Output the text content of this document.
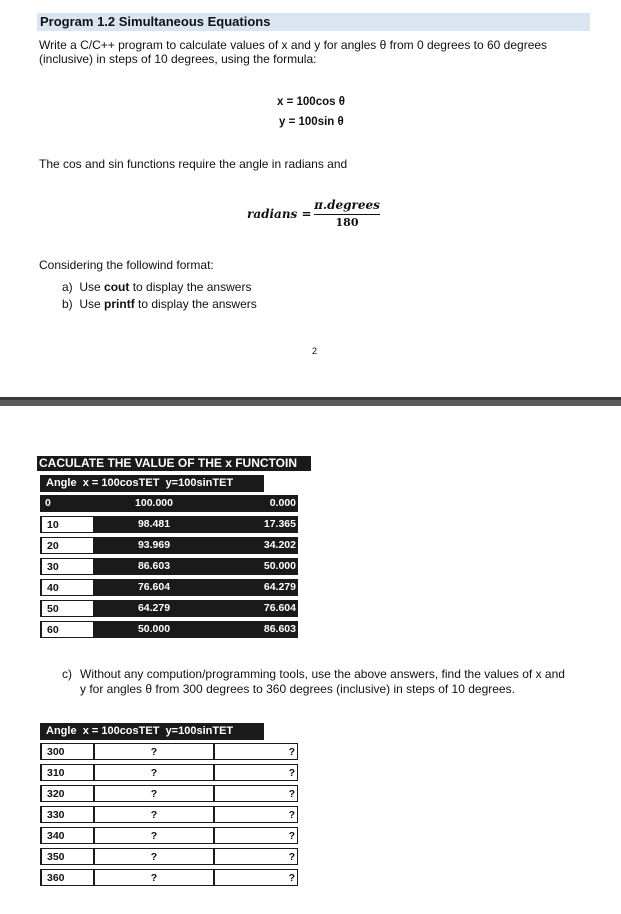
Program 1.2 Simultaneous Equations
Write a C/C++ program to calculate values of x and y for angles θ from 0 degrees to 60 degrees
(inclusive) in steps of 10 degrees, using the formula:
x = 100cos θ
y = 100sin θ
The cos and sin functions require the angle in radians and
radians =
π.degrees
180
Considering the followind format:
a) Use cout to display the answers
b) Use printf to display the answers
2
CACULATE THE VALUE OF THE x FUNCTOIN
Angle x = 100cosTET y=100sinTET
0	100.000	0.000
10	98.481	17.365
20	93.969	34.202
30	86.603	50.000
40	76.604	64.279
50	64.279	76.604
60	50.000	86.603
c) Without any compution/programming tools, use the above answers, find the values of x and
y for angles θ from 300 degrees to 360 degrees (inclusive) in steps of 10 degrees.
Angle x = 100cosTET y=100sinTET
300	?	?
310	?	?
320	?	?
330	?	?
340	?	?
350	?	?
360	?	?
